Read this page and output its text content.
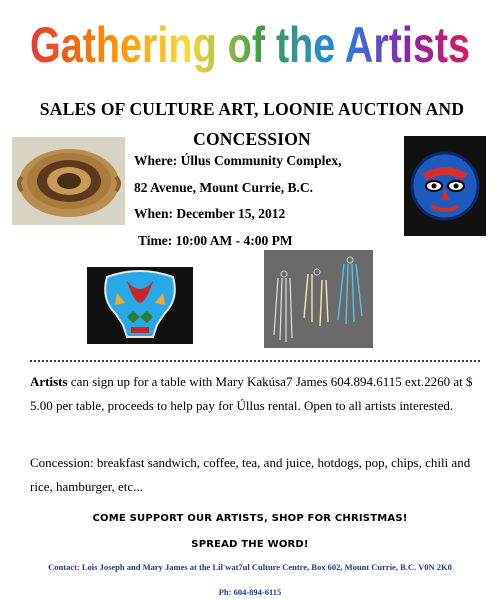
Gathering of the Artists
SALES OF CULTURE ART, LOONIE AUCTION AND CONCESSION
Where: Úllus Community Complex,
82 Avenue, Mount Currie, B.C.
When: December 15, 2012
Time: 10:00 AM - 4:00 PM
Artists can sign up for a table with Mary Kakúsa7 James 604.894.6115 ext.2260 at $ 5.00 per table, proceeds to help pay for Úllus rental. Open to all artists interested.
Concession: breakfast sandwich, coffee, tea, and juice, hotdogs, pop, chips, chili and rice, hamburger, etc...
COME SUPPORT OUR ARTISTS, SHOP FOR CHRISTMAS!
SPREAD THE WORD!
Contact: Lois Joseph and Mary James at the Lil'wat7ul Culture Centre, Box 602, Mount Currie, B.C. V0N 2K0
Ph: 604-894-6115
